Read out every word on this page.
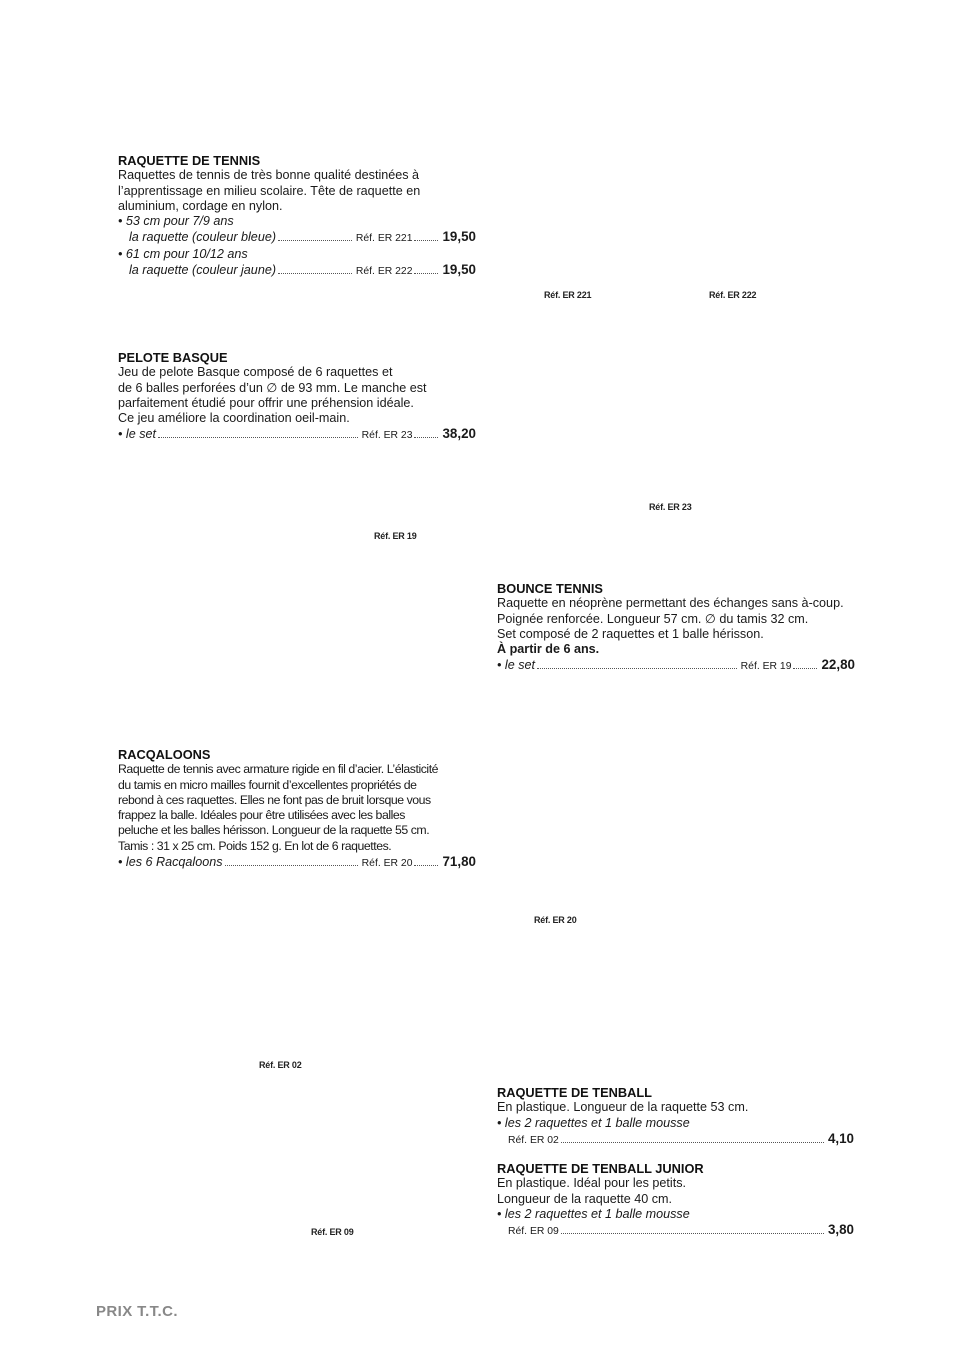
RAQUETTE DE TENNIS
Raquettes de tennis de très bonne qualité destinées à
l’apprentissage en milieu scolaire. Tête de raquette en
aluminium, cordage en nylon.
• 53 cm pour 7/9 ans
la raquette (couleur bleue)	Réf. ER 221 19,50
• 61 cm pour 10/12 ans
la raquette (couleur jaune)	Réf. ER 222 19,50
PELOTE BASQUE
Jeu de pelote Basque composé de 6 raquettes et
de 6 balles perforées d’un ∅ de 93 mm. Le manche est
parfaitement étudié pour offrir une préhension idéale.
Ce jeu améliore la coordination oeil-main.
• le set	Réf. ER 23 38,20
BOUNCE TENNIS
Raquette en néoprène permettant des échanges sans à-coup.
Poignée renforcée. Longueur 57 cm. ∅ du tamis 32 cm.
Set composé de 2 raquettes et 1 balle hérisson.
À partir de 6 ans.
• le set	Réf. ER 19 22,80
RACQALOONS
Raquette de tennis avec armature rigide en fil d’acier. L’élasticité
du tamis en micro mailles fournit d’excellentes propriétés de
rebond à ces raquettes. Elles ne font pas de bruit lorsque vous
frappez la balle. Idéales pour être utilisées avec les balles
peluche et les balles hérisson. Longueur de la raquette 55 cm.
Tamis : 31 x 25 cm. Poids 152 g. En lot de 6 raquettes.
• les 6 Racqaloons	Réf. ER 20 71,80
RAQUETTE DE TENBALL
En plastique. Longueur de la raquette 53 cm.
• les 2 raquettes et 1 balle mousse
Réf. ER 02	4,10
RAQUETTE DE TENBALL JUNIOR
En plastique. Idéal pour les petits.
Longueur de la raquette 40 cm.
• les 2 raquettes et 1 balle mousse
Réf. ER 09	3,80
Réf. ER 221	Réf. ER 222
Réf. ER 23
Réf. ER 19
Réf. ER 20
Réf. ER 02
Réf. ER 09
PRIX T.T.C.
